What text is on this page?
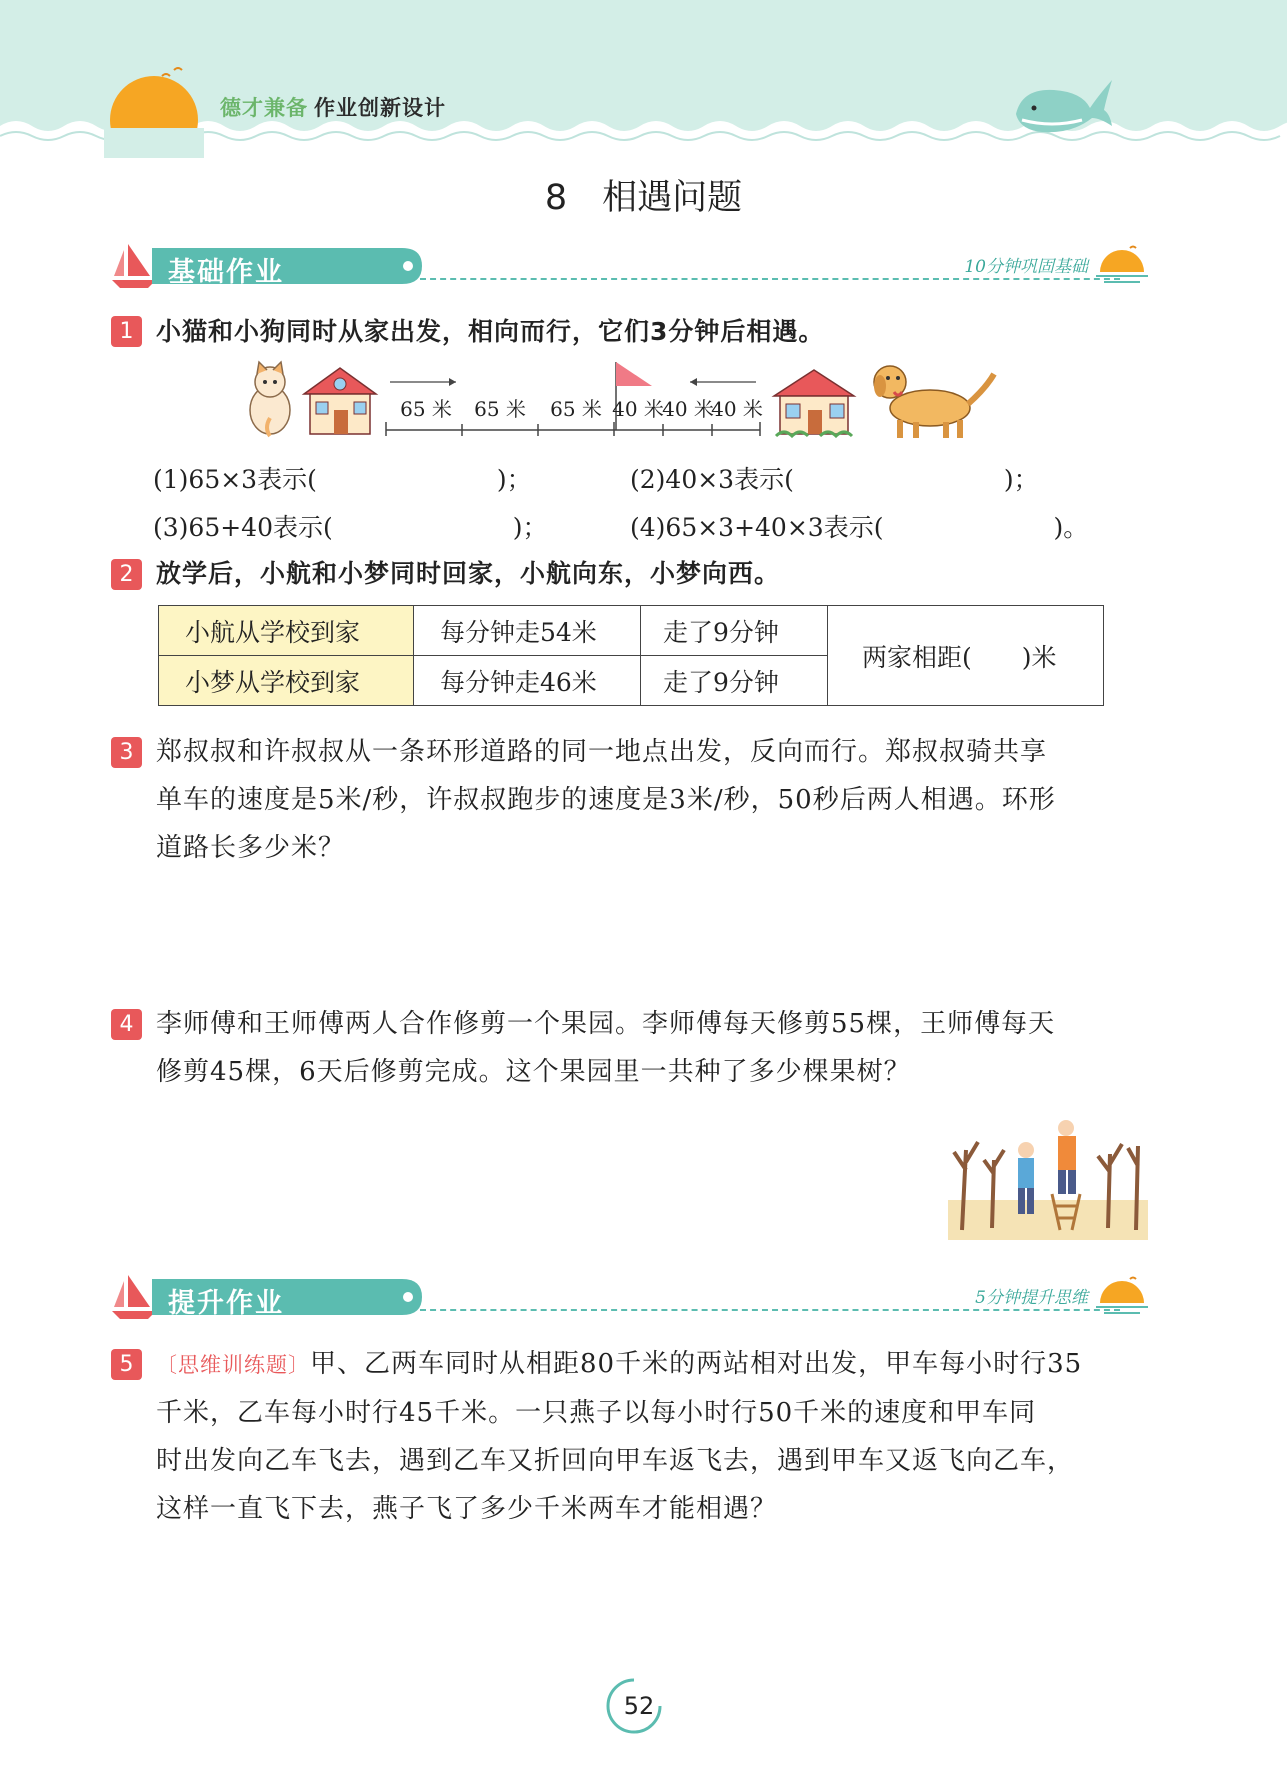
德才兼备 作业创新设计
8　相遇问题
基础作业	10分钟巩固基础
1 小猫和小狗同时从家出发，相向而行，它们3分钟后相遇。
65 米 65 米 65 米 40 米
40 米
40 米
(1)65×3表示(	)；	(2)40×3表示(	)；
(3)65+40表示(	)；	(4)65×3+40×3表示(	)。
2 放学后，小航和小梦同时回家，小航向东，小梦向西。
小航从学校到家	每分钟走54米	走了9分钟	两家相距(　　)米
小梦从学校到家	每分钟走46米	走了9分钟	
3 郑叔叔和许叔叔从一条环形道路的同一地点出发，反向而行。郑叔叔骑共享
单车的速度是5米/秒，许叔叔跑步的速度是3米/秒，50秒后两人相遇。环形
道路长多少米？
4 李师傅和王师傅两人合作修剪一个果园。李师傅每天修剪55棵，王师傅每天
修剪45棵，6天后修剪完成。这个果园里一共种了多少棵果树？
提升作业	5分钟提升思维
5	〔思维训练题〕甲、乙两车同时从相距80千米的两站相对出发，甲车每小时行35
千米，乙车每小时行45千米。一只燕子以每小时行50千米的速度和甲车同
时出发向乙车飞去，遇到乙车又折回向甲车返飞去，遇到甲车又返飞向乙车，
这样一直飞下去，燕子飞了多少千米两车才能相遇？
52
